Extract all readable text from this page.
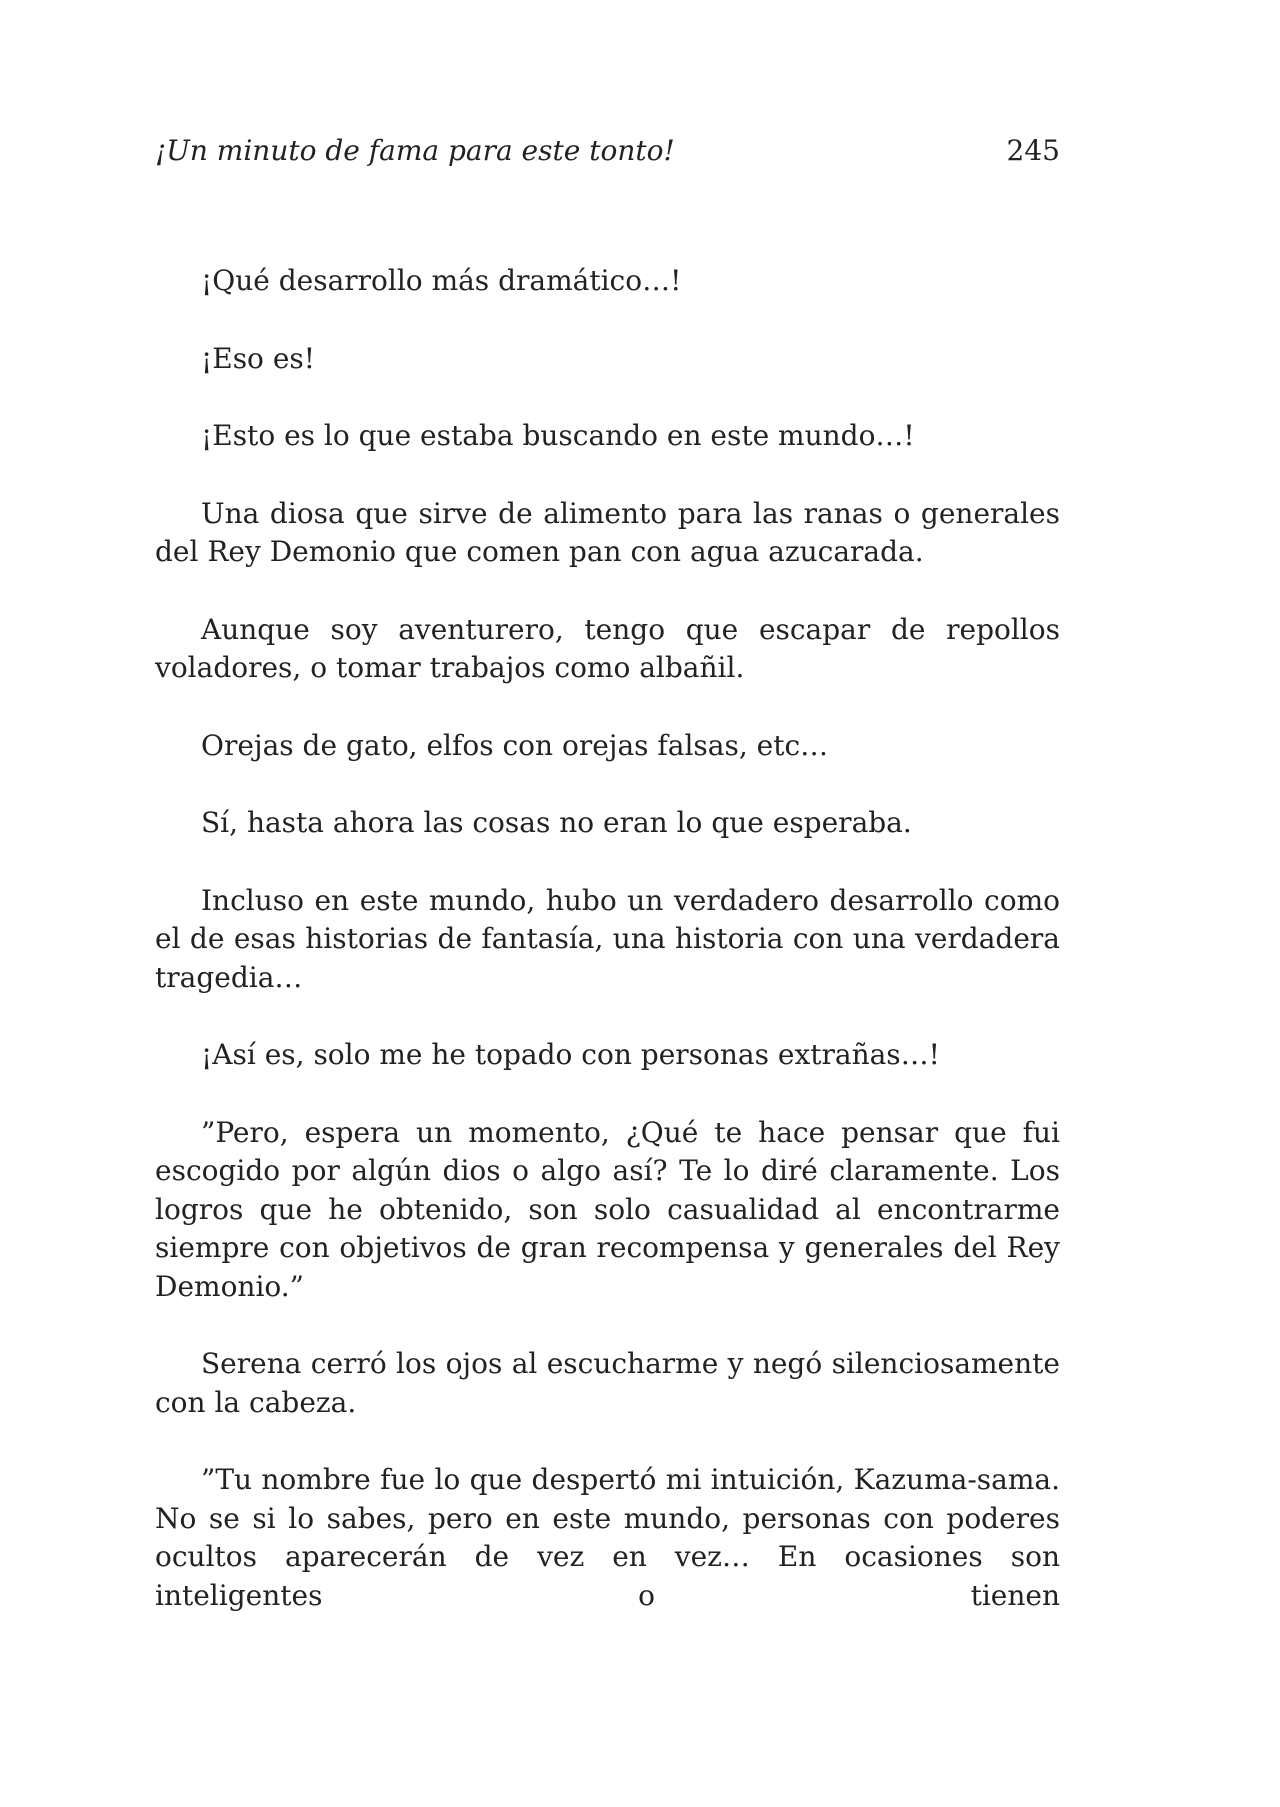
¡Un minuto de fama para este tonto!	245

¡Qué desarrollo más dramático…!

¡Eso es!

¡Esto es lo que estaba buscando en este mundo…!

Una diosa que sirve de alimento para las ranas o generales del Rey Demonio que comen pan con agua azucarada.

Aunque soy aventurero, tengo que escapar de repollos voladores, o tomar trabajos como albañil.

Orejas de gato, elfos con orejas falsas, etc…

Sí, hasta ahora las cosas no eran lo que esperaba.

Incluso en este mundo, hubo un verdadero desarrollo como el de esas historias de fantasía, una historia con una verdadera tragedia…

¡Así es, solo me he topado con personas extrañas…!

”Pero, espera un momento, ¿Qué te hace pensar que fui escogido por algún dios o algo así? Te lo diré claramente. Los logros que he obtenido, son solo casualidad al encontrarme siempre con objetivos de gran recompensa y generales del Rey Demonio.”

Serena cerró los ojos al escucharme y negó silenciosamente con la cabeza.

”Tu nombre fue lo que despertó mi intuición, Kazuma-sama. No se si lo sabes, pero en este mundo, personas con poderes ocultos aparecerán de vez en vez… En ocasiones son inteligentes o tienen
